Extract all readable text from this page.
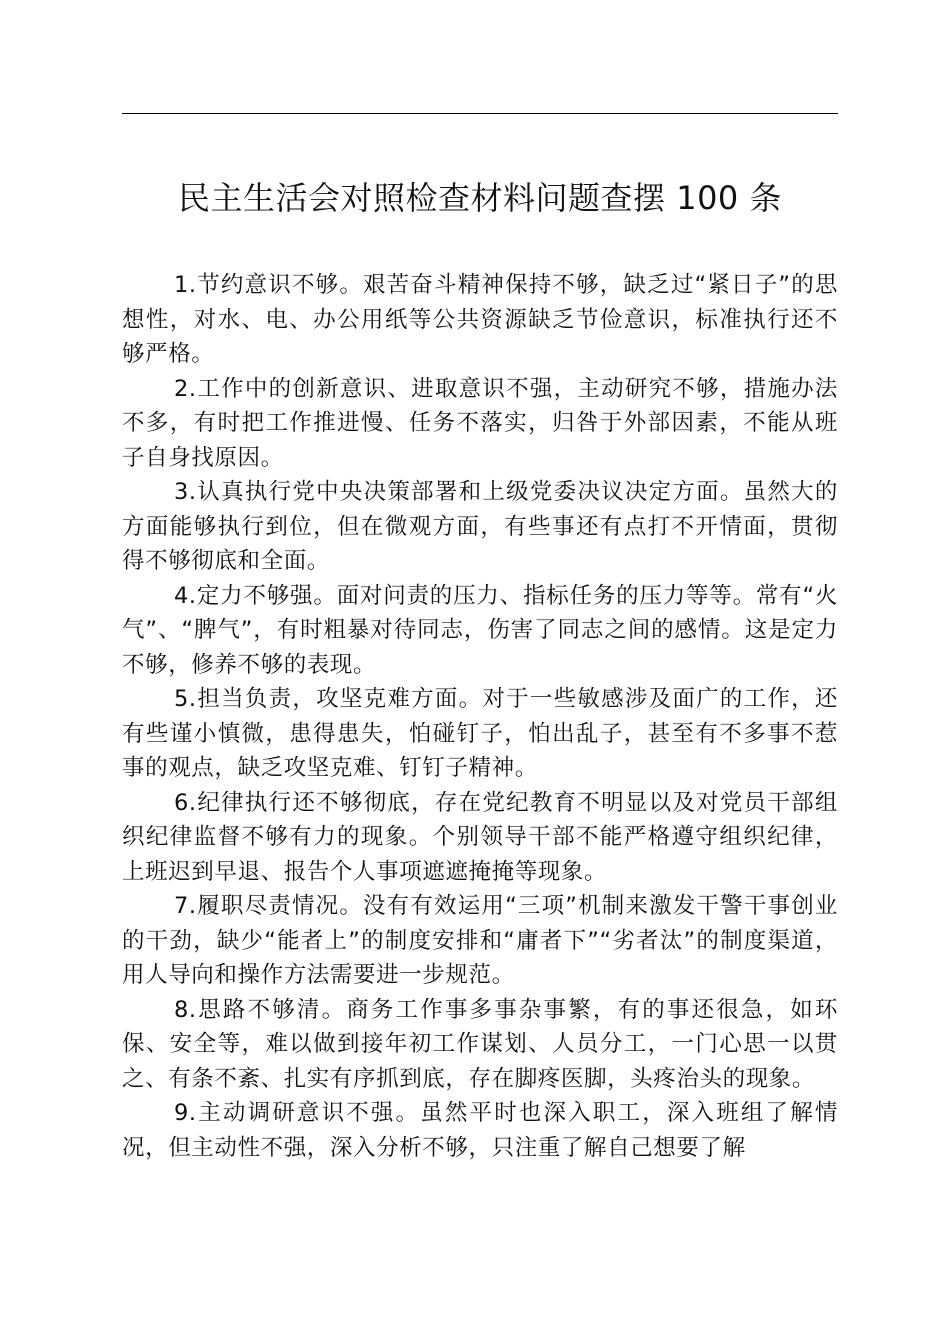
民主生活会对照检查材料问题查摆 100 条

1.节约意识不够。艰苦奋斗精神保持不够，缺乏过“紧日子”的思想性，对水、电、办公用纸等公共资源缺乏节俭意识，标准执行还不够严格。

2.工作中的创新意识、进取意识不强，主动研究不够，措施办法不多，有时把工作推进慢、任务不落实，归咎于外部因素，不能从班子自身找原因。

3.认真执行党中央决策部署和上级党委决议决定方面。虽然大的方面能够执行到位，但在微观方面，有些事还有点打不开情面，贯彻得不够彻底和全面。

4.定力不够强。面对问责的压力、指标任务的压力等等。常有“火气”、“脾气”，有时粗暴对待同志，伤害了同志之间的感情。这是定力不够，修养不够的表现。

5.担当负责，攻坚克难方面。对于一些敏感涉及面广的工作，还有些谨小慎微，患得患失，怕碰钉子，怕出乱子，甚至有不多事不惹事的观点，缺乏攻坚克难、钉钉子精神。

6.纪律执行还不够彻底，存在党纪教育不明显以及对党员干部组织纪律监督不够有力的现象。个别领导干部不能严格遵守组织纪律，上班迟到早退、报告个人事项遮遮掩掩等现象。

7.履职尽责情况。没有有效运用“三项”机制来激发干警干事创业的干劲，缺少“能者上”的制度安排和“庸者下”“劣者汰”的制度渠道，用人导向和操作方法需要进一步规范。

8.思路不够清。商务工作事多事杂事繁，有的事还很急，如环保、安全等，难以做到接年初工作谋划、人员分工，一门心思一以贯之、有条不紊、扎实有序抓到底，存在脚疼医脚，头疼治头的现象。

9.主动调研意识不强。虽然平时也深入职工，深入班组了解情况，但主动性不强，深入分析不够，只注重了解自己想要了解
